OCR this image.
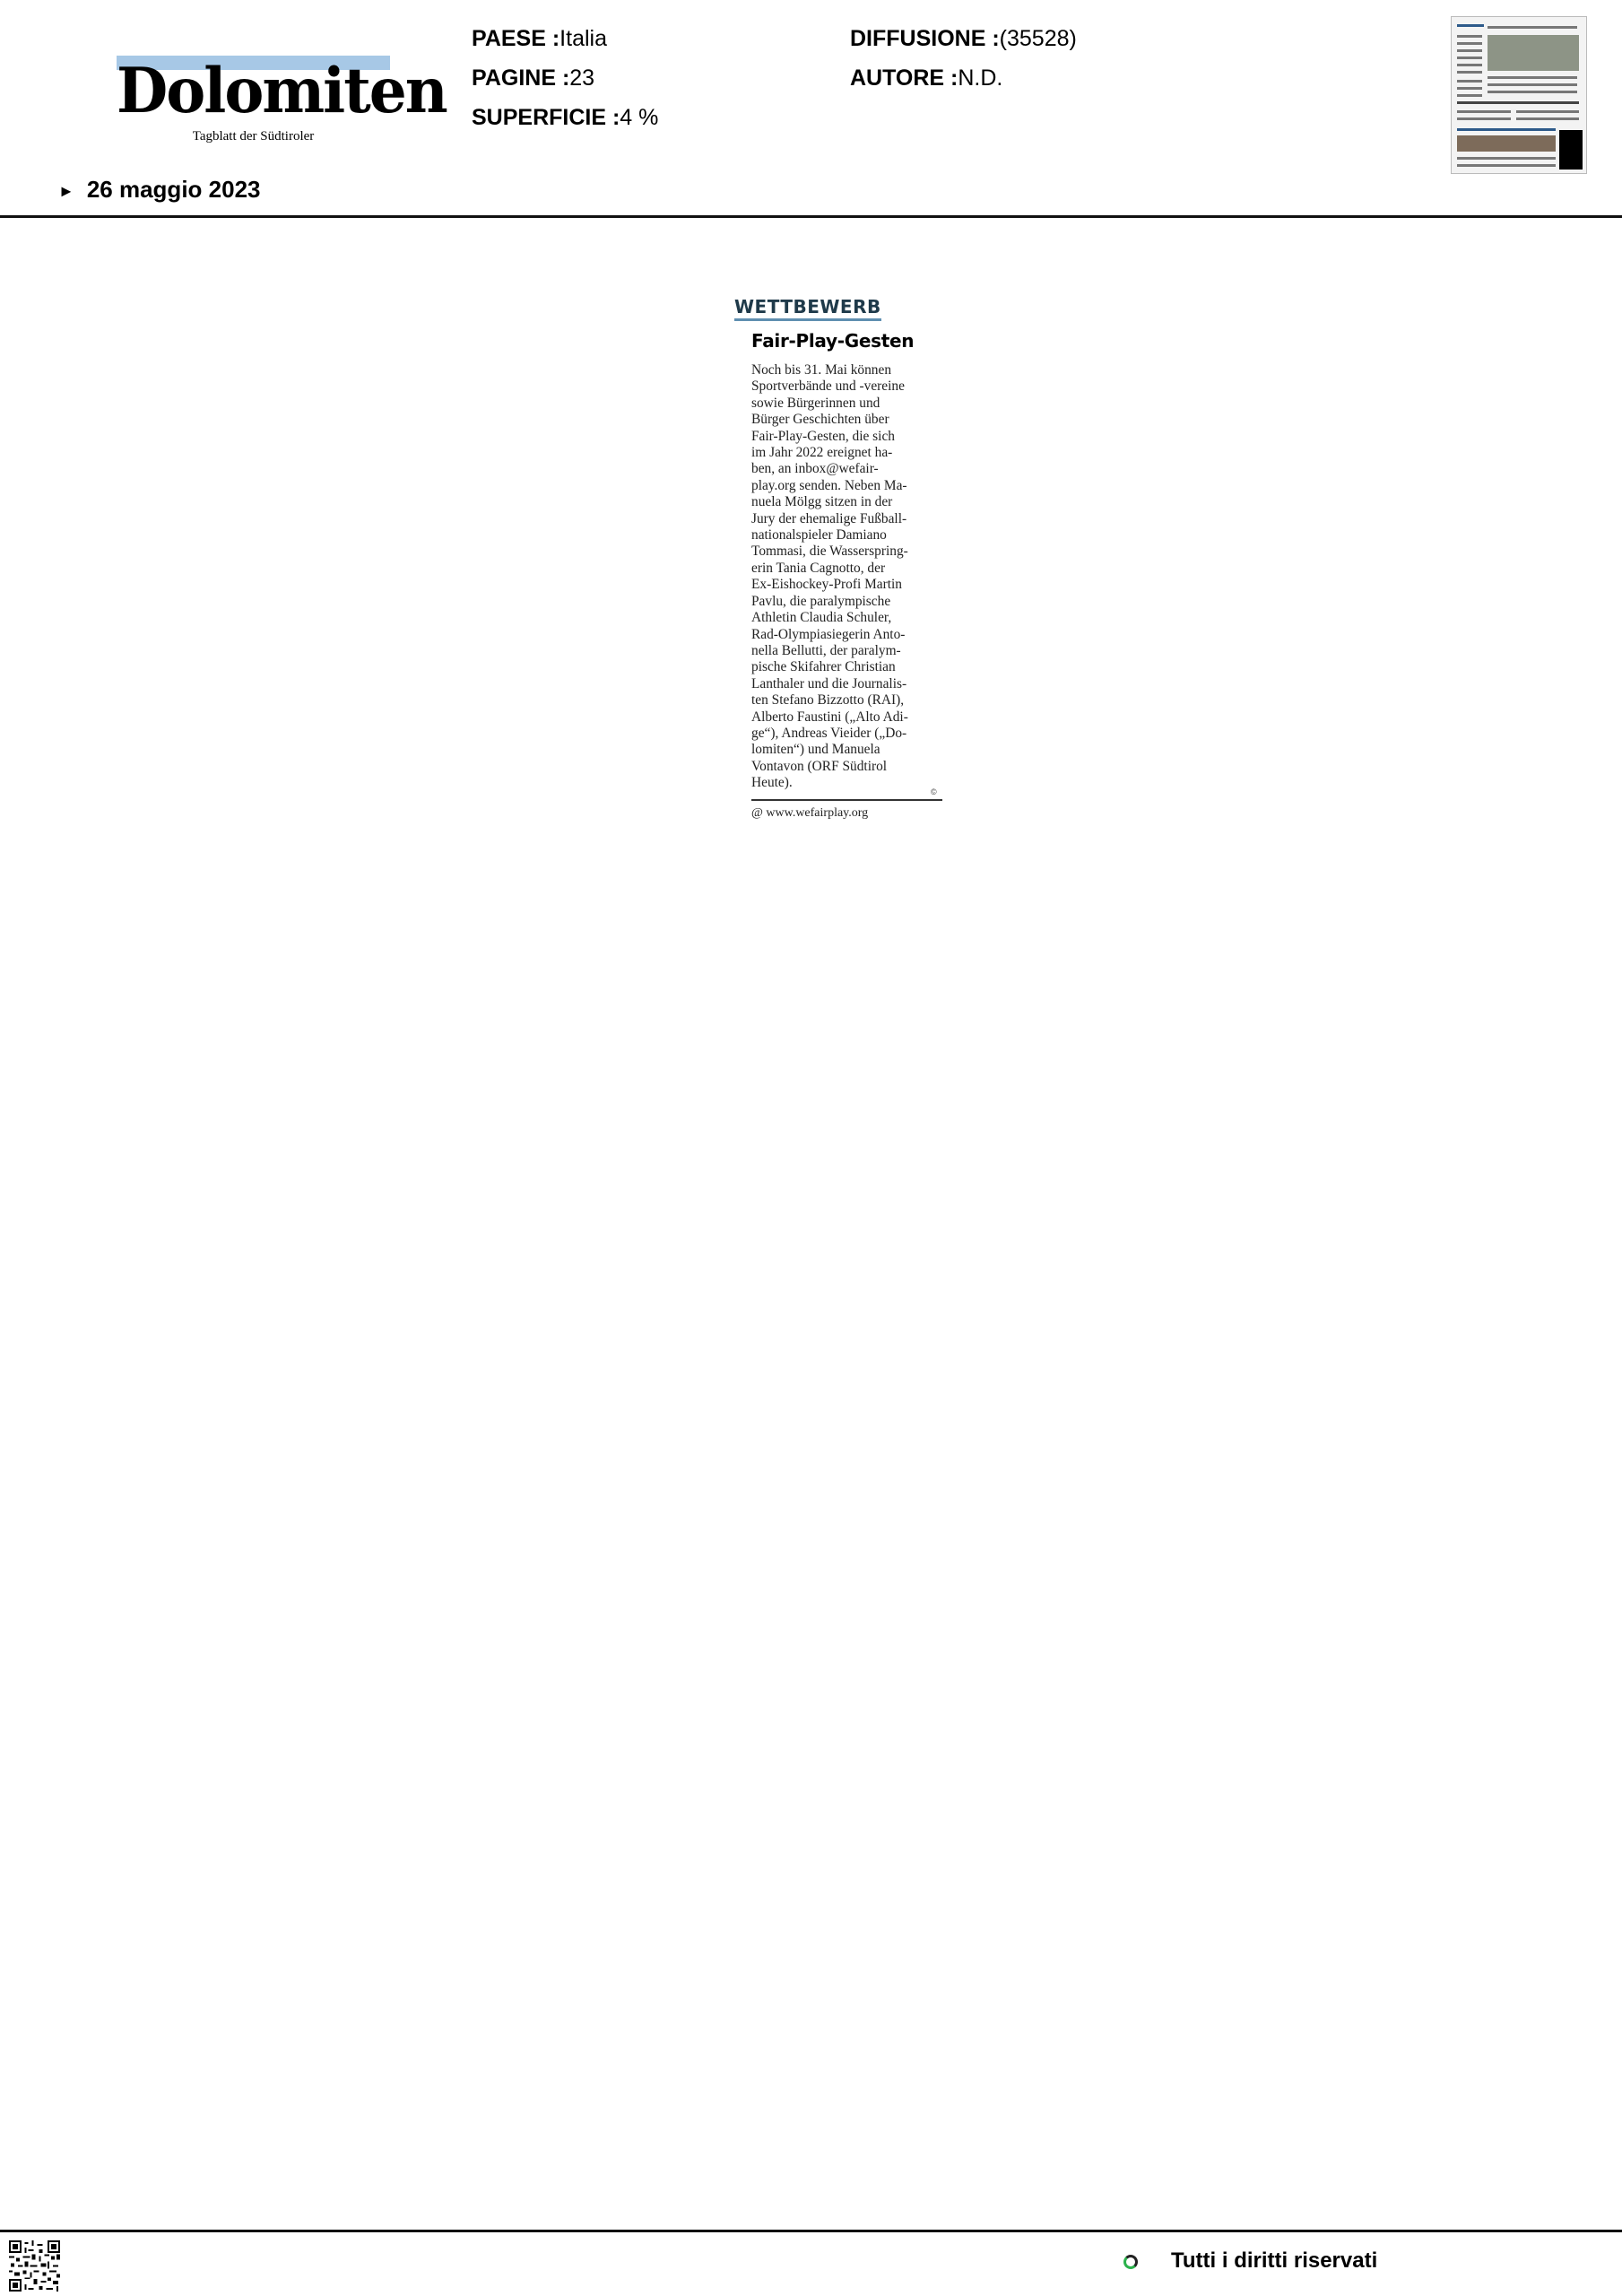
Dolomiten
Tagblatt der Südtiroler
PAESE :Italia
PAGINE :23
SUPERFICIE :4 %
DIFFUSIONE :(35528)
AUTORE :N.D.
► 26 maggio 2023
WETTBEWERB
Fair-Play-Gesten
Noch bis 31. Mai können
Sportverbände und -vereine
sowie Bürgerinnen und
Bürger Geschichten über
Fair-Play-Gesten, die sich
im Jahr 2022 ereignet ha-
ben, an inbox@wefair-
play.org senden. Neben Ma-
nuela Mölgg sitzen in der
Jury der ehemalige Fußball-
nationalspieler Damiano
Tommasi, die Wasserspring-
erin Tania Cagnotto, der
Ex-Eishockey-Profi Martin
Pavlu, die paralympische
Athletin Claudia Schuler,
Rad-Olympiasiegerin Anto-
nella Bellutti, der paralym-
pische Skifahrer Christian
Lanthaler und die Journalis-
ten Stefano Bizzotto (RAI),
Alberto Faustini („Alto Adi-
ge“), Andreas Vieider („Do-
lomiten“) und Manuela
Vontavon (ORF Südtirol
Heute).
©
@ www.wefairplay.org
Tutti i diritti riservati
